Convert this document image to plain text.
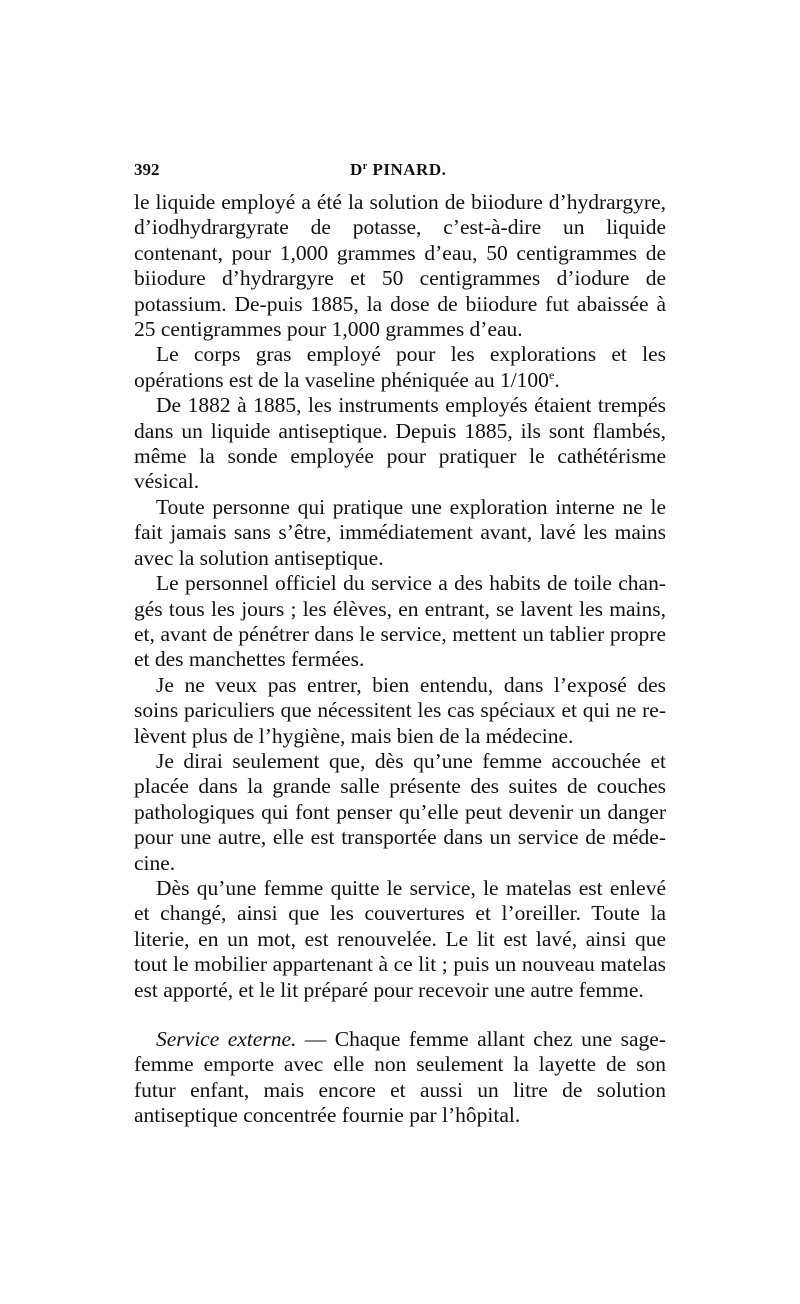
392	$D^r$ PINARD.

le liquide employé a été la solution de biiodure d’hydrargyre, d’iodhydrargyrate de potasse, c’est-à-dire un liquide contenant, pour 1,000 grammes d’eau, 50 centigrammes de biiodure d’hydrargyre et 50 centigrammes d’iodure de potassium. De-puis 1885, la dose de biiodure fut abaissée à 25 centigrammes pour 1,000 grammes d’eau.

Le corps gras employé pour les explorations et les opérations est de la vaseline phéniquée au 1/100e.

De 1882 à 1885, les instruments employés étaient trempés dans un liquide antiseptique. Depuis 1885, ils sont flambés, même la sonde employée pour pratiquer le cathétérisme vésical.

Toute personne qui pratique une exploration interne ne le fait jamais sans s’être, immédiatement avant, lavé les mains avec la solution antiseptique.

Le personnel officiel du service a des habits de toile chan-gés tous les jours ; les élèves, en entrant, se lavent les mains, et, avant de pénétrer dans le service, mettent un tablier propre et des manchettes fermées.

Je ne veux pas entrer, bien entendu, dans l’exposé des soins pariculiers que nécessitent les cas spéciaux et qui ne re-lèvent plus de l’hygiène, mais bien de la médecine.

Je dirai seulement que, dès qu’une femme accouchée et placée dans la grande salle présente des suites de couches pathologiques qui font penser qu’elle peut devenir un danger pour une autre, elle est transportée dans un service de méde-cine.

Dès qu’une femme quitte le service, le matelas est enlevé et changé, ainsi que les couvertures et l’oreiller. Toute la literie, en un mot, est renouvelée. Le lit est lavé, ainsi que tout le mobilier appartenant à ce lit ; puis un nouveau matelas est apporté, et le lit préparé pour recevoir une autre femme.

Service externe. — Chaque femme allant chez une sage-femme emporte avec elle non seulement la layette de son futur enfant, mais encore et aussi un litre de solution antiseptique concentrée fournie par l’hôpital.
